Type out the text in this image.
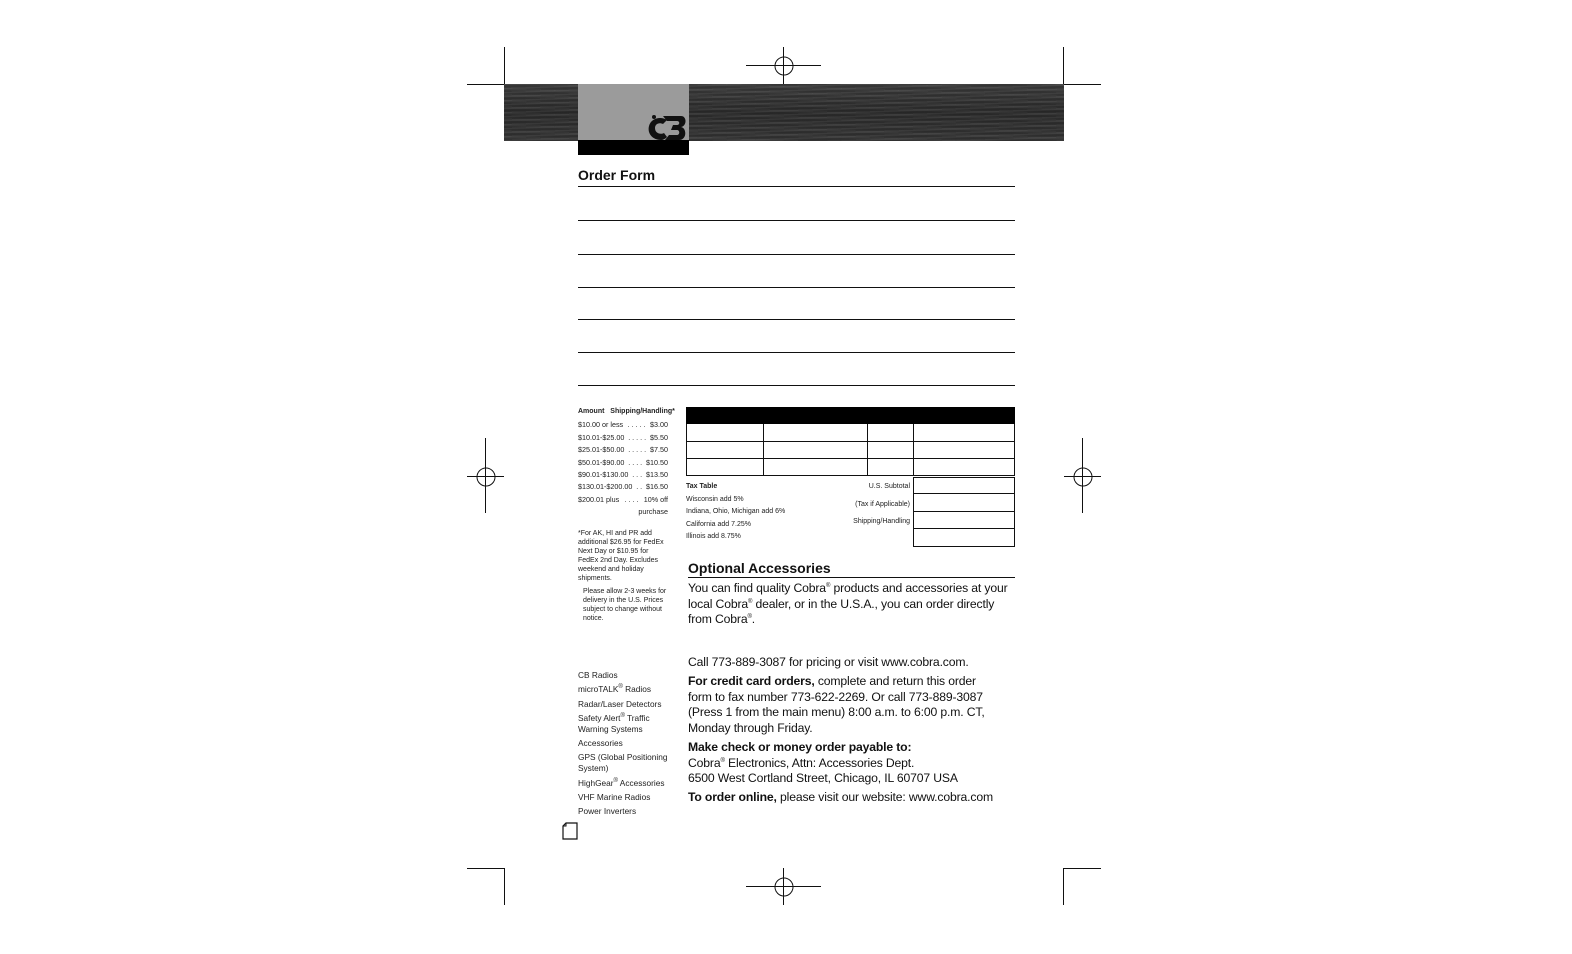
Order Form
Amount Shipping/Handling*
$10.00 or less . . . . . $3.00
$10.01-$25.00 . . . . . $5.50
$25.01-$50.00 . . . . . $7.50
$50.01-$90.00 . . . . $10.50
$90.01-$130.00 . . . $13.50
$130.01-$200.00 . . $16.50
$200.01 plus . . . . 10% off
purchase
*For AK, HI and PR add additional $26.95 for FedEx Next Day or $10.95 for FedEx 2nd Day. Excludes weekend and holiday shipments.
Please allow 2-3 weeks for delivery in the U.S. Prices subject to change without notice.
Tax Table
Wisconsin add 5%
Indiana, Ohio, Michigan add 6%
California add 7.25%
Illinois add 8.75%
U.S. Subtotal
(Tax if Applicable)
Shipping/Handling
Optional Accessories
You can find quality Cobra® products and accessories at your local Cobra® dealer, or in the U.S.A., you can order directly from Cobra®.
Call 773-889-3087 for pricing or visit www.cobra.com.
For credit card orders, complete and return this order form to fax number 773-622-2269. Or call 773-889-3087 (Press 1 from the main menu) 8:00 a.m. to 6:00 p.m. CT, Monday through Friday.
Make check or money order payable to:
Cobra® Electronics, Attn: Accessories Dept.
6500 West Cortland Street, Chicago, IL 60707 USA
To order online, please visit our website: www.cobra.com
CB Radios
microTALK® Radios
Radar/Laser Detectors
Safety Alert® Traffic Warning Systems
Accessories
GPS (Global Positioning System)
HighGear® Accessories
VHF Marine Radios
Power Inverters
